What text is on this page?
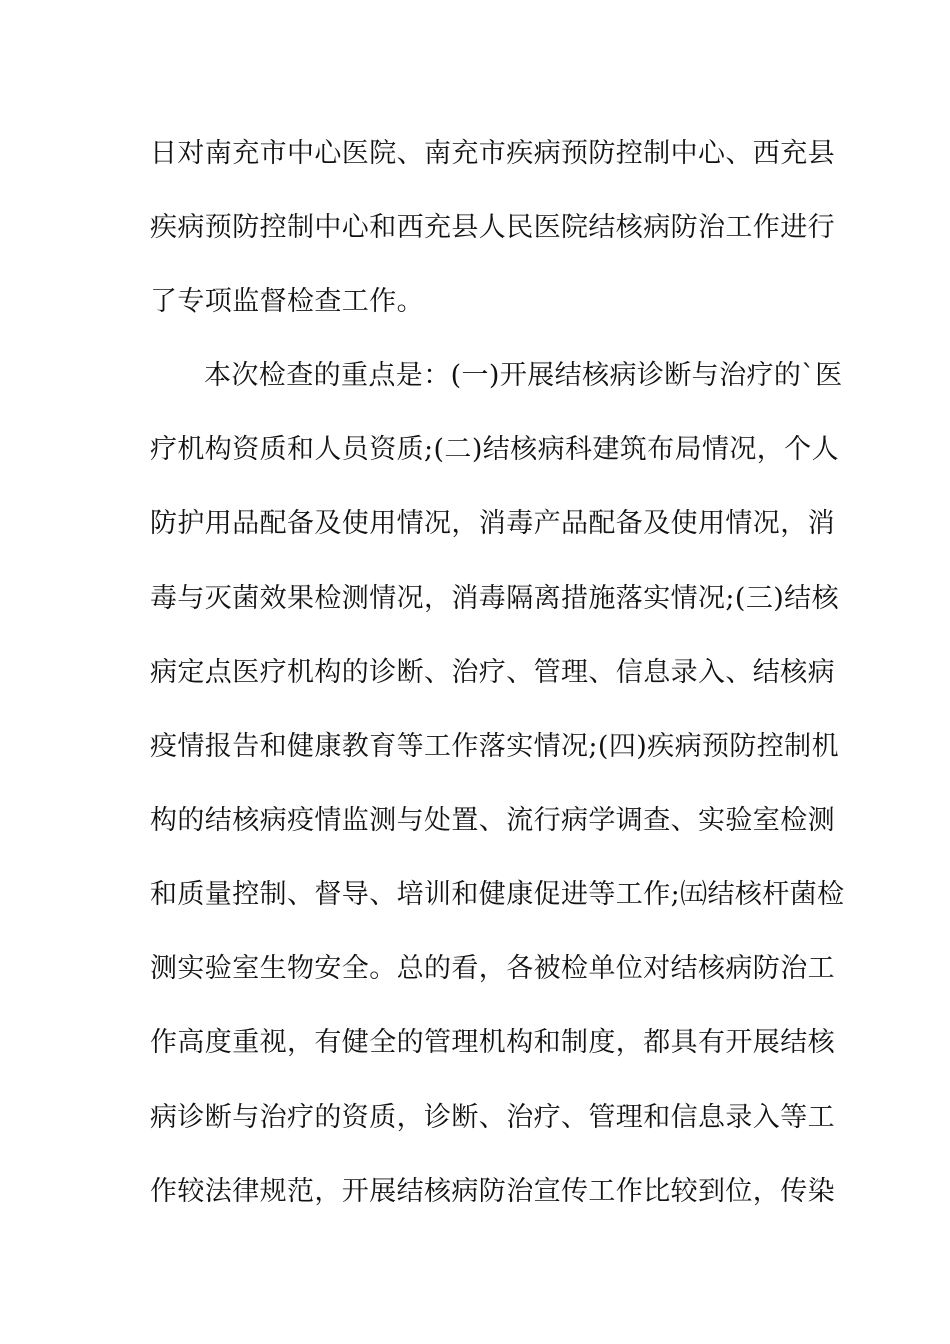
日对南充市中心医院、南充市疾病预防控制中心、西充县
疾病预防控制中心和西充县人民医院结核病防治工作进行
了专项监督检查工作。
本次检查的重点是：(一)开展结核病诊断与治疗的`医
疗机构资质和人员资质;(二)结核病科建筑布局情况，个人
防护用品配备及使用情况，消毒产品配备及使用情况，消
毒与灭菌效果检测情况，消毒隔离措施落实情况;(三)结核
病定点医疗机构的诊断、治疗、管理、信息录入、结核病
疫情报告和健康教育等工作落实情况;(四)疾病预防控制机
构的结核病疫情监测与处置、流行病学调查、实验室检测
和质量控制、督导、培训和健康促进等工作;㈤结核杆菌检
测实验室生物安全。总的看，各被检单位对结核病防治工
作高度重视，有健全的管理机构和制度，都具有开展结核
病诊断与治疗的资质，诊断、治疗、管理和信息录入等工
作较法律规范，开展结核病防治宣传工作比较到位，传染
